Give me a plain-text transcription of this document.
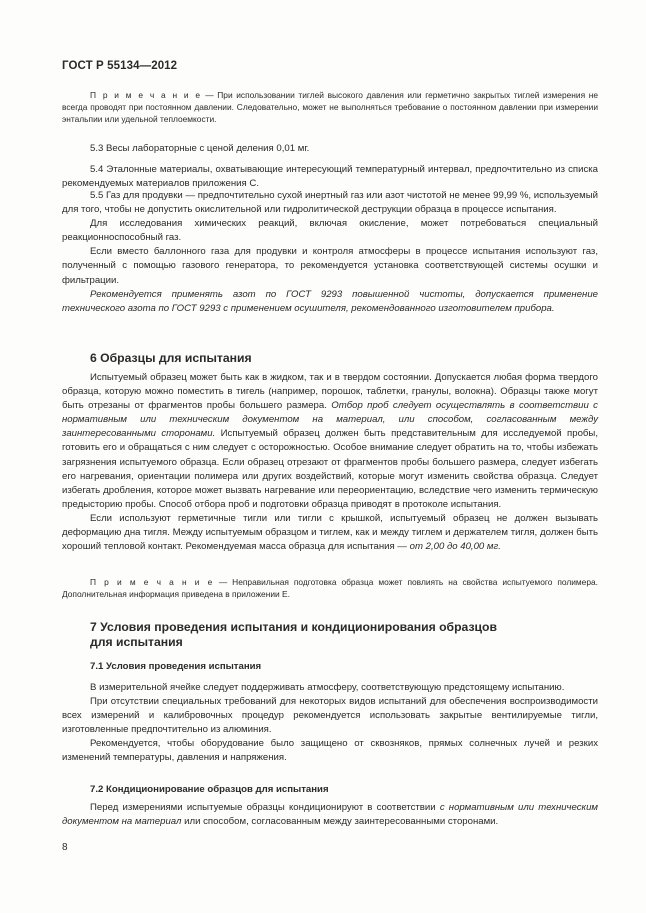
ГОСТ Р 55134—2012
П р и м е ч а н и е — При использовании тиглей высокого давления или герметично закрытых тиглей измерения не всегда проводят при постоянном давлении. Следовательно, может не выполняться требование о постоянном давлении при измерении энтальпии или удельной теплоемкости.
5.3 Весы лабораторные с ценой деления 0,01 мг.
5.4 Эталонные материалы, охватывающие интересующий температурный интервал, предпочтительно из списка рекомендуемых материалов приложения С.

5.5 Газ для продувки — предпочтительно сухой инертный газ или азот чистотой не менее 99,99 %, используемый для того, чтобы не допустить окислительной или гидролитической деструкции образца в процессе испытания.

Для исследования химических реакций, включая окисление, может потребоваться специальный реакционноспособный газ.

Если вместо баллонного газа для продувки и контроля атмосферы в процессе испытания используют газ, полученный с помощью газового генератора, то рекомендуется установка соответствующей системы осушки и фильтрации.

Рекомендуется применять азот по ГОСТ 9293 повышенной чистоты, допускается применение технического азота по ГОСТ 9293 с применением осушителя, рекомендованного изготовителем прибора.

6 Образцы для испытания

Испытуемый образец может быть как в жидком, так и в твердом состоянии. Допускается любая форма твердого образца, которую можно поместить в тигель (например, порошок, таблетки, гранулы, волокна). Образцы также могут быть отрезаны от фрагментов пробы большего размера. Отбор проб следует осуществлять в соответствии с нормативным или техническим документом на материал, или способом, согласованным между заинтересованными сторонами. Испытуемый образец должен быть представительным для исследуемой пробы, готовить его и обращаться с ним следует с осторожностью. Особое внимание следует обратить на то, чтобы избежать загрязнения испытуемого образца. Если образец отрезают от фрагментов пробы большего размера, следует избегать его нагревания, ориентации полимера или других воздействий, которые могут изменить свойства образца. Следует избегать дробления, которое может вызвать нагревание или переориентацию, вследствие чего изменить термическую предысторию пробы. Способ отбора проб и подготовки образца приводят в протоколе испытания.

Если используют герметичные тигли или тигли с крышкой, испытуемый образец не должен вызывать деформацию дна тигля. Между испытуемым образцом и тиглем, как и между тиглем и держателем тигля, должен быть хороший тепловой контакт. Рекомендуемая масса образца для испытания — от 2,00 до 40,00 мг.

П р и м е ч а н и е — Неправильная подготовка образца может повлиять на свойства испытуемого полимера. Дополнительная информация приведена в приложении Е.
7 Условия проведения испытания и кондиционирования образцов
для испытания
7.1 Условия проведения испытания

В измерительной ячейке следует поддерживать атмосферу, соответствующую предстоящему испытанию.

При отсутствии специальных требований для некоторых видов испытаний для обеспечения воспроизводимости всех измерений и калибровочных процедур рекомендуется использовать закрытые вентилируемые тигли, изготовленные предпочтительно из алюминия.

Рекомендуется, чтобы оборудование было защищено от сквозняков, прямых солнечных лучей и резких изменений температуры, давления и напряжения.

7.2 Кондиционирование образцов для испытания
Перед измерениями испытуемые образцы кондиционируют в соответствии с нормативным или техническим документом на материал или способом, согласованным между заинтересованными сторонами.
8
